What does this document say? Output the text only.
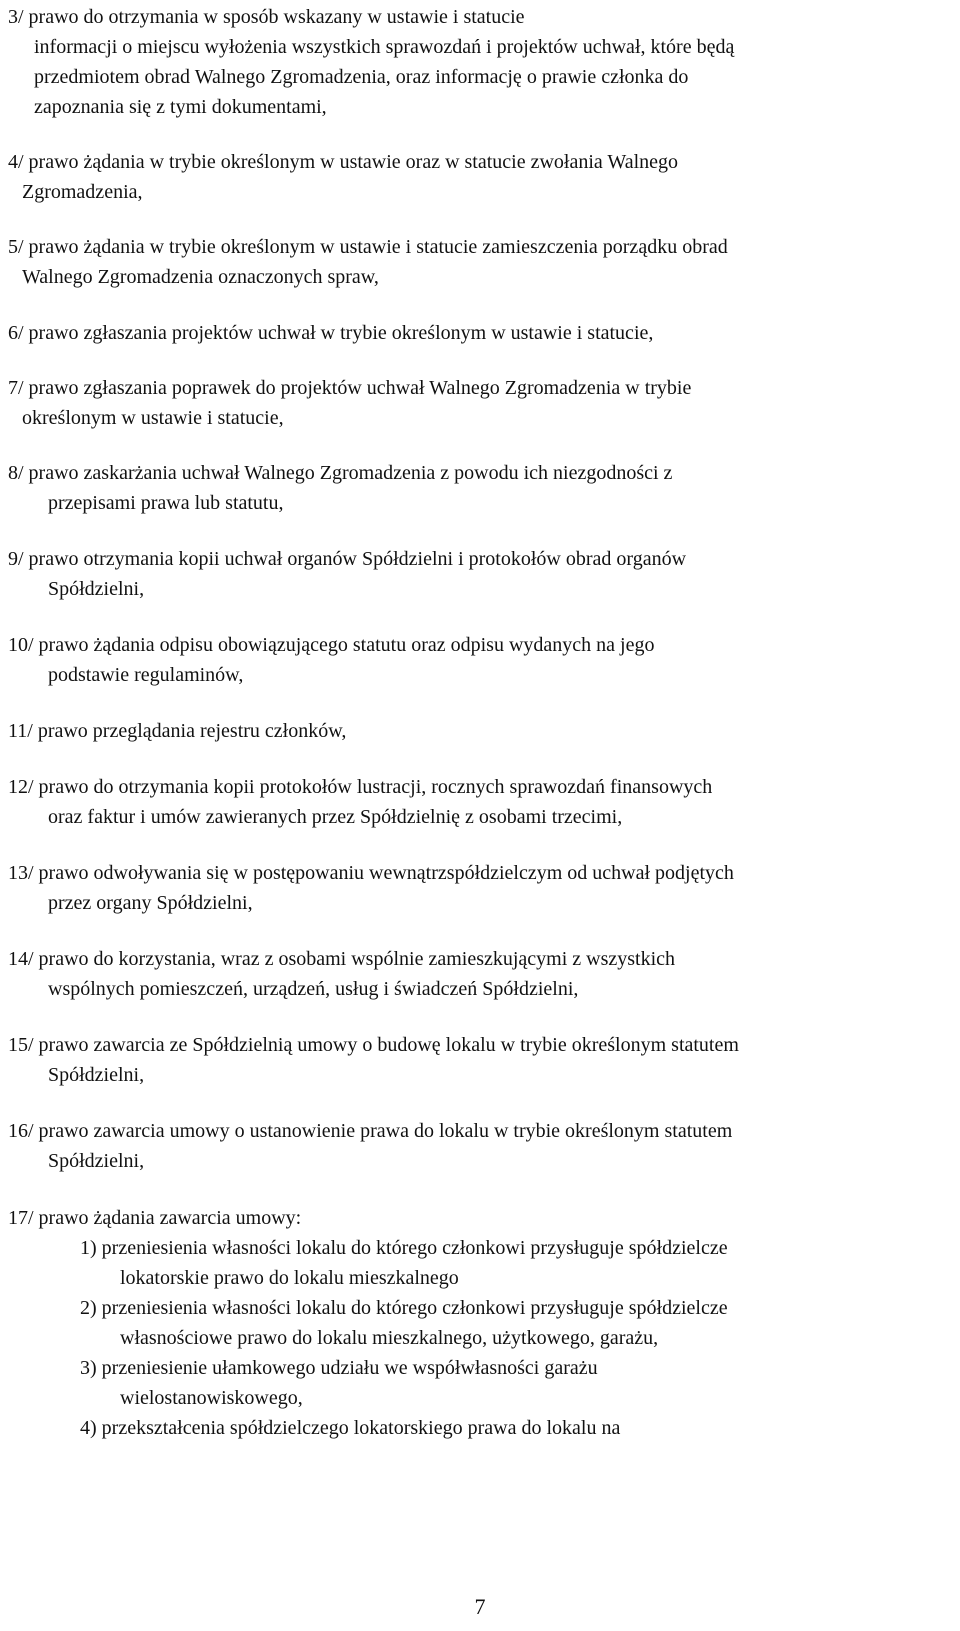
3/ prawo do otrzymania w sposób wskazany w ustawie i statucie
informacji o miejscu wyłożenia wszystkich sprawozdań i projektów uchwał, które będą
przedmiotem obrad Walnego Zgromadzenia, oraz informację o prawie członka do
zapoznania się z tymi dokumentami,

4/ prawo żądania w trybie określonym w ustawie oraz w statucie zwołania Walnego
Zgromadzenia,

5/ prawo żądania w trybie określonym w ustawie i statucie zamieszczenia porządku obrad
Walnego Zgromadzenia oznaczonych spraw,

6/ prawo zgłaszania projektów uchwał w trybie określonym w ustawie i statucie,

7/ prawo zgłaszania poprawek do projektów uchwał Walnego Zgromadzenia w trybie
określonym w ustawie i statucie,

8/ prawo zaskarżania uchwał Walnego Zgromadzenia z powodu ich niezgodności z
przepisami prawa lub statutu,

9/ prawo otrzymania kopii uchwał organów Spółdzielni i protokołów obrad organów
Spółdzielni,

10/ prawo żądania odpisu obowiązującego statutu oraz odpisu wydanych na jego
podstawie regulaminów,

11/ prawo przeglądania rejestru członków,

12/ prawo do otrzymania kopii protokołów lustracji, rocznych sprawozdań finansowych
oraz faktur i umów zawieranych przez Spółdzielnię z osobami trzecimi,

13/ prawo odwoływania się w postępowaniu wewnątrzspółdzielczym od uchwał podjętych
przez organy Spółdzielni,

14/ prawo do korzystania, wraz z osobami wspólnie zamieszkującymi z wszystkich
wspólnych pomieszczeń, urządzeń, usług i świadczeń Spółdzielni,

15/ prawo zawarcia ze Spółdzielnią umowy o budowę lokalu w trybie określonym statutem
Spółdzielni,

16/ prawo zawarcia umowy o ustanowienie prawa do lokalu w trybie określonym statutem
Spółdzielni,

17/ prawo żądania zawarcia umowy:

1) przeniesienia własności lokalu do którego członkowi przysługuje spółdzielcze
lokatorskie prawo do lokalu mieszkalnego
2) przeniesienia własności lokalu do którego członkowi przysługuje spółdzielcze
własnościowe prawo do lokalu mieszkalnego, użytkowego, garażu,
3) przeniesienie ułamkowego udziału we współwłasności garażu
wielostanowiskowego,
4) przekształcenia spółdzielczego lokatorskiego prawa do lokalu na
7
